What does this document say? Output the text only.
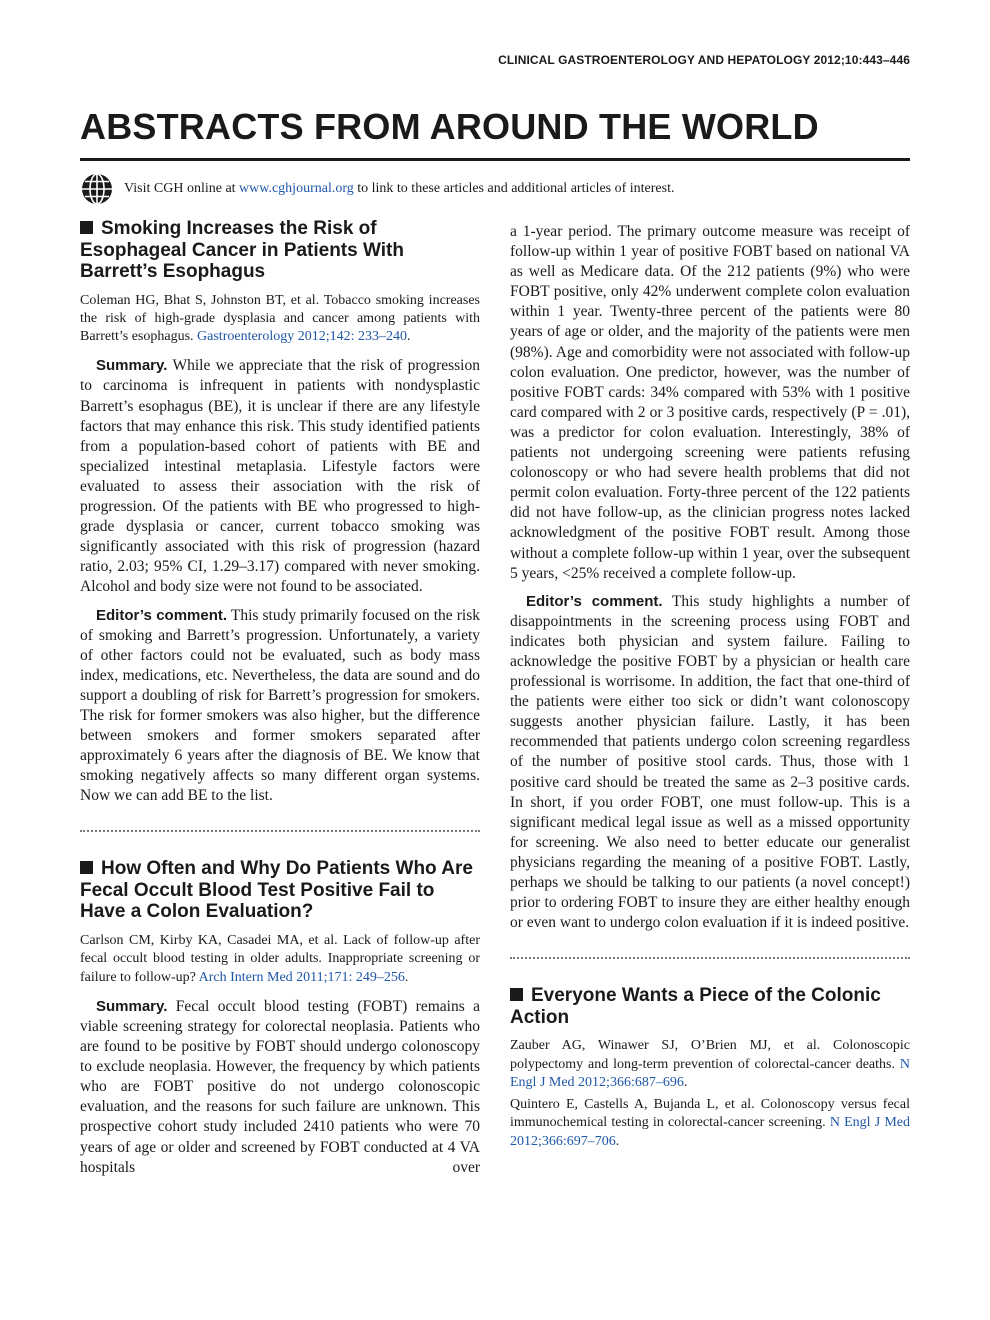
CLINICAL GASTROENTEROLOGY AND HEPATOLOGY 2012;10:443–446
ABSTRACTS FROM AROUND THE WORLD
Visit CGH online at www.cghjournal.org to link to these articles and additional articles of interest.
Smoking Increases the Risk of Esophageal Cancer in Patients With Barrett’s Esophagus

Coleman HG, Bhat S, Johnston BT, et al. Tobacco smoking increases the risk of high-grade dysplasia and cancer among patients with Barrett’s esophagus. Gastroenterology 2012;142: 233–240.

Summary. While we appreciate that the risk of progression to carcinoma is infrequent in patients with nondysplastic Barrett’s esophagus (BE), it is unclear if there are any lifestyle factors that may enhance this risk. This study identified patients from a population-based cohort of patients with BE and specialized intestinal metaplasia. Lifestyle factors were evaluated to assess their association with the risk of progression. Of the patients with BE who progressed to high-grade dysplasia or cancer, current tobacco smoking was significantly associated with this risk of progression (hazard ratio, 2.03; 95% CI, 1.29–3.17) compared with never smoking. Alcohol and body size were not found to be associated.

Editor’s comment. This study primarily focused on the risk of smoking and Barrett’s progression. Unfortunately, a variety of other factors could not be evaluated, such as body mass index, medications, etc. Nevertheless, the data are sound and do support a doubling of risk for Barrett’s progression for smokers. The risk for former smokers was also higher, but the difference between smokers and former smokers separated after approximately 6 years after the diagnosis of BE. We know that smoking negatively affects so many different organ systems. Now we can add BE to the list.

How Often and Why Do Patients Who Are Fecal Occult Blood Test Positive Fail to Have a Colon Evaluation?

Carlson CM, Kirby KA, Casadei MA, et al. Lack of follow-up after fecal occult blood testing in older adults. Inappropriate screening or failure to follow-up? Arch Intern Med 2011;171: 249–256.

Summary. Fecal occult blood testing (FOBT) remains a viable screening strategy for colorectal neoplasia. Patients who are found to be positive by FOBT should undergo colonoscopy to exclude neoplasia. However, the frequency by which patients who are FOBT positive do not undergo colonoscopic evaluation, and the reasons for such failure are unknown. This prospective cohort study included 2410 patients who were 70 years of age or older and screened by FOBT conducted at 4 VA hospitals over

a 1-year period. The primary outcome measure was receipt of follow-up within 1 year of positive FOBT based on national VA as well as Medicare data. Of the 212 patients (9%) who were FOBT positive, only 42% underwent complete colon evaluation within 1 year. Twenty-three percent of the patients were 80 years of age or older, and the majority of the patients were men (98%). Age and comorbidity were not associated with follow-up colon evaluation. One predictor, however, was the number of positive FOBT cards: 34% compared with 53% with 1 positive card compared with 2 or 3 positive cards, respectively (P = .01), was a predictor for colon evaluation. Interestingly, 38% of patients not undergoing screening were patients refusing colonoscopy or who had severe health problems that did not permit colon evaluation. Forty-three percent of the 122 patients did not have follow-up, as the clinician progress notes lacked acknowledgment of the positive FOBT result. Among those without a complete follow-up within 1 year, over the subsequent 5 years, <25% received a complete follow-up.

Editor’s comment. This study highlights a number of disappointments in the screening process using FOBT and indicates both physician and system failure. Failing to acknowledge the positive FOBT by a physician or health care professional is worrisome. In addition, the fact that one-third of the patients were either too sick or didn’t want colonoscopy suggests another physician failure. Lastly, it has been recommended that patients undergo colon screening regardless of the number of positive stool cards. Thus, those with 1 positive card should be treated the same as 2–3 positive cards. In short, if you order FOBT, one must follow-up. This is a significant medical legal issue as well as a missed opportunity for screening. We also need to better educate our generalist physicians regarding the meaning of a positive FOBT. Lastly, perhaps we should be talking to our patients (a novel concept!) prior to ordering FOBT to insure they are either healthy enough or even want to undergo colon evaluation if it is indeed positive.

Everyone Wants a Piece of the Colonic Action

Zauber AG, Winawer SJ, O’Brien MJ, et al. Colonoscopic polypectomy and long-term prevention of colorectal-cancer deaths. N Engl J Med 2012;366:687–696.

Quintero E, Castells A, Bujanda L, et al. Colonoscopy versus fecal immunochemical testing in colorectal-cancer screening. N Engl J Med 2012;366:697–706.
